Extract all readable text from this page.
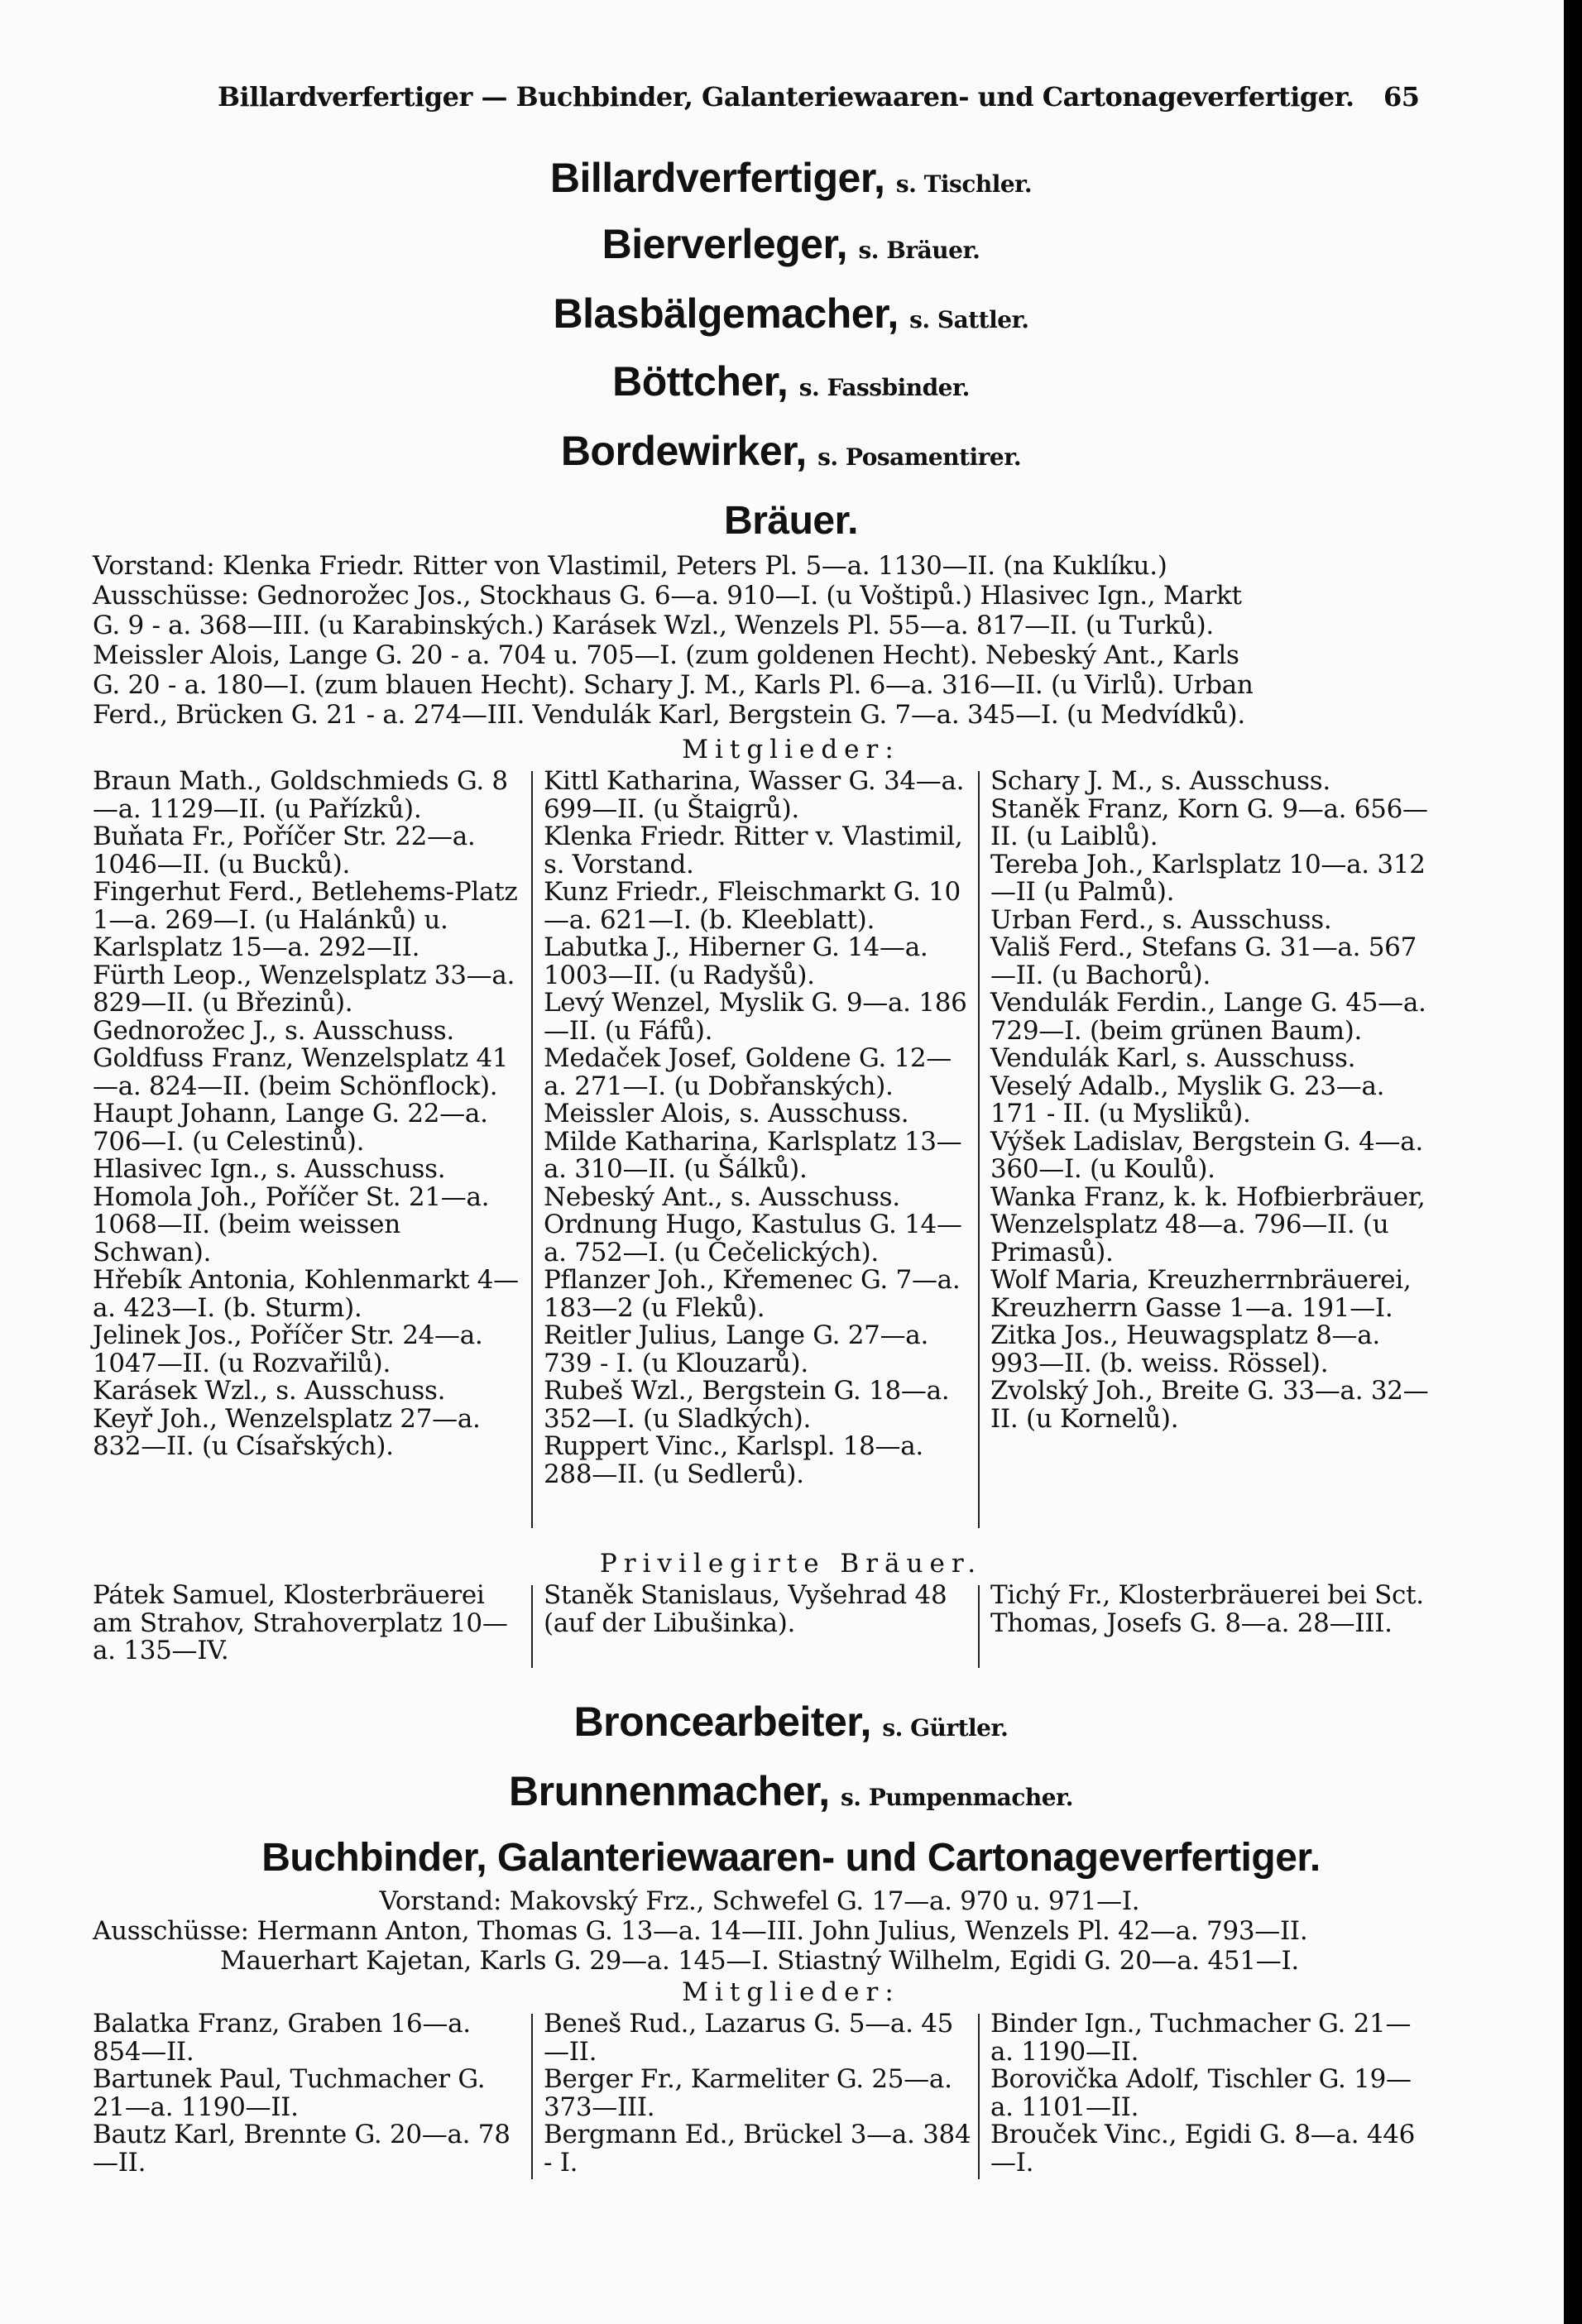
Billardverfertiger — Buchbinder, Galanteriewaaren- und Cartonageverfertiger. 65
Billardverfertiger, s. Tischler.
Bierverleger, s. Bräuer.
Blasbälgemacher, s. Sattler.
Böttcher, s. Fassbinder.
Bordewirker, s. Posamentirer.
Bräuer.
Vorstand: Klenka Friedr. Ritter von Vlastimil, Peters Pl. 5—a. 1130—II. (na Kuklíku.)
Ausschüsse: Gednorožec Jos., Stockhaus G. 6—a. 910—I. (u Voštipů.) Hlasivec Ign., Markt
G. 9 - a. 368—III. (u Karabinských.) Karásek Wzl., Wenzels Pl. 55—a. 817—II. (u Turků).
Meissler Alois, Lange G. 20 - a. 704 u. 705—I. (zum goldenen Hecht). Nebeský Ant., Karls
G. 20 - a. 180—I. (zum blauen Hecht). Schary J. M., Karls Pl. 6—a. 316—II. (u Virlů). Urban
Ferd., Brücken G. 21 - a. 274—III. Vendulák Karl, Bergstein G. 7—a. 345—I. (u Medvídků).
Mitglieder:

Braun Math., Goldschmieds G. 8—a. 1129—II. (u Pařízků).

Buňata Fr., Poříčer Str. 22—a. 1046—II. (u Bucků).

Fingerhut Ferd., Betlehems-Platz 1—a. 269—I. (u Halánků) u. Karlsplatz 15—a. 292—II.

Fürth Leop., Wenzelsplatz 33—a. 829—II. (u Březinů).

Gednorožec J., s. Ausschuss.

Goldfuss Franz, Wenzelsplatz 41—a. 824—II. (beim Schönflock).

Haupt Johann, Lange G. 22—a. 706—I. (u Celestinů).

Hlasivec Ign., s. Ausschuss.

Homola Joh., Poříčer St. 21—a. 1068—II. (beim weissen Schwan).

Hřebík Antonia, Kohlenmarkt 4—a. 423—I. (b. Sturm).

Jelinek Jos., Poříčer Str. 24—a. 1047—II. (u Rozvařilů).

Karásek Wzl., s. Ausschuss.

Keyř Joh., Wenzelsplatz 27—a. 832—II. (u Císařských).

Kittl Katharina, Wasser G. 34—a. 699—II. (u Štaigrů).

Klenka Friedr. Ritter v. Vlastimil, s. Vorstand.

Kunz Friedr., Fleischmarkt G. 10—a. 621—I. (b. Kleeblatt).

Labutka J., Hiberner G. 14—a. 1003—II. (u Radyšů).

Levý Wenzel, Myslik G. 9—a. 186—II. (u Fáfů).

Medaček Josef, Goldene G. 12—a. 271—I. (u Dobřanských).

Meissler Alois, s. Ausschuss.

Milde Katharina, Karlsplatz 13—a. 310—II. (u Šálků).

Nebeský Ant., s. Ausschuss.

Ordnung Hugo, Kastulus G. 14—a. 752—I. (u Čečelických).

Pflanzer Joh., Křemenec G. 7—a. 183—2 (u Fleků).

Reitler Julius, Lange G. 27—a. 739 - I. (u Klouzarů).

Rubeš Wzl., Bergstein G. 18—a. 352—I. (u Sladkých).

Ruppert Vinc., Karlspl. 18—a. 288—II. (u Sedlerů).

Schary J. M., s. Ausschuss.

Staněk Franz, Korn G. 9—a. 656—II. (u Laiblů).

Tereba Joh., Karlsplatz 10—a. 312—II (u Palmů).

Urban Ferd., s. Ausschuss.

Vališ Ferd., Stefans G. 31—a. 567—II. (u Bachorů).

Vendulák Ferdin., Lange G. 45—a. 729—I. (beim grünen Baum).

Vendulák Karl, s. Ausschuss.

Veselý Adalb., Myslik G. 23—a. 171 - II. (u Mysliků).

Výšek Ladislav, Bergstein G. 4—a. 360—I. (u Koulů).

Wanka Franz, k. k. Hofbierbräuer, Wenzelsplatz 48—a. 796—II. (u Primasů).

Wolf Maria, Kreuzherrnbräuerei, Kreuzherrn Gasse 1—a. 191—I.

Zitka Jos., Heuwagsplatz 8—a. 993—II. (b. weiss. Rössel).

Zvolský Joh., Breite G. 33—a. 32—II. (u Kornelů).

Privilegirte Bräuer.

Pátek Samuel, Klosterbräuerei am Strahov, Strahoverplatz 10—a. 135—IV.

Staněk Stanislaus, Vyšehrad 48 (auf der Libušinka).

Tichý Fr., Klosterbräuerei bei Sct. Thomas, Josefs G. 8—a. 28—III.

Broncearbeiter, s. Gürtler.
Brunnenmacher, s. Pumpenmacher.
Buchbinder, Galanteriewaaren- und Cartonageverfertiger.
Vorstand: Makovský Frz., Schwefel G. 17—a. 970 u. 971—I.
Ausschüsse: Hermann Anton, Thomas G. 13—a. 14—III. John Julius, Wenzels Pl. 42—a. 793—II.
Mauerhart Kajetan, Karls G. 29—a. 145—I. Stiastný Wilhelm, Egidi G. 20—a. 451—I.
Mitglieder:

Balatka Franz, Graben 16—a. 854—II.

Bartunek Paul, Tuchmacher G. 21—a. 1190—II.

Bautz Karl, Brennte G. 20—a. 78—II.

Beneš Rud., Lazarus G. 5—a. 45—II.

Berger Fr., Karmeliter G. 25—a. 373—III.

Bergmann Ed., Brückel 3—a. 384 - I.

Binder Ign., Tuchmacher G. 21—a. 1190—II.

Borovička Adolf, Tischler G. 19—a. 1101—II.

Brouček Vinc., Egidi G. 8—a. 446—I.
